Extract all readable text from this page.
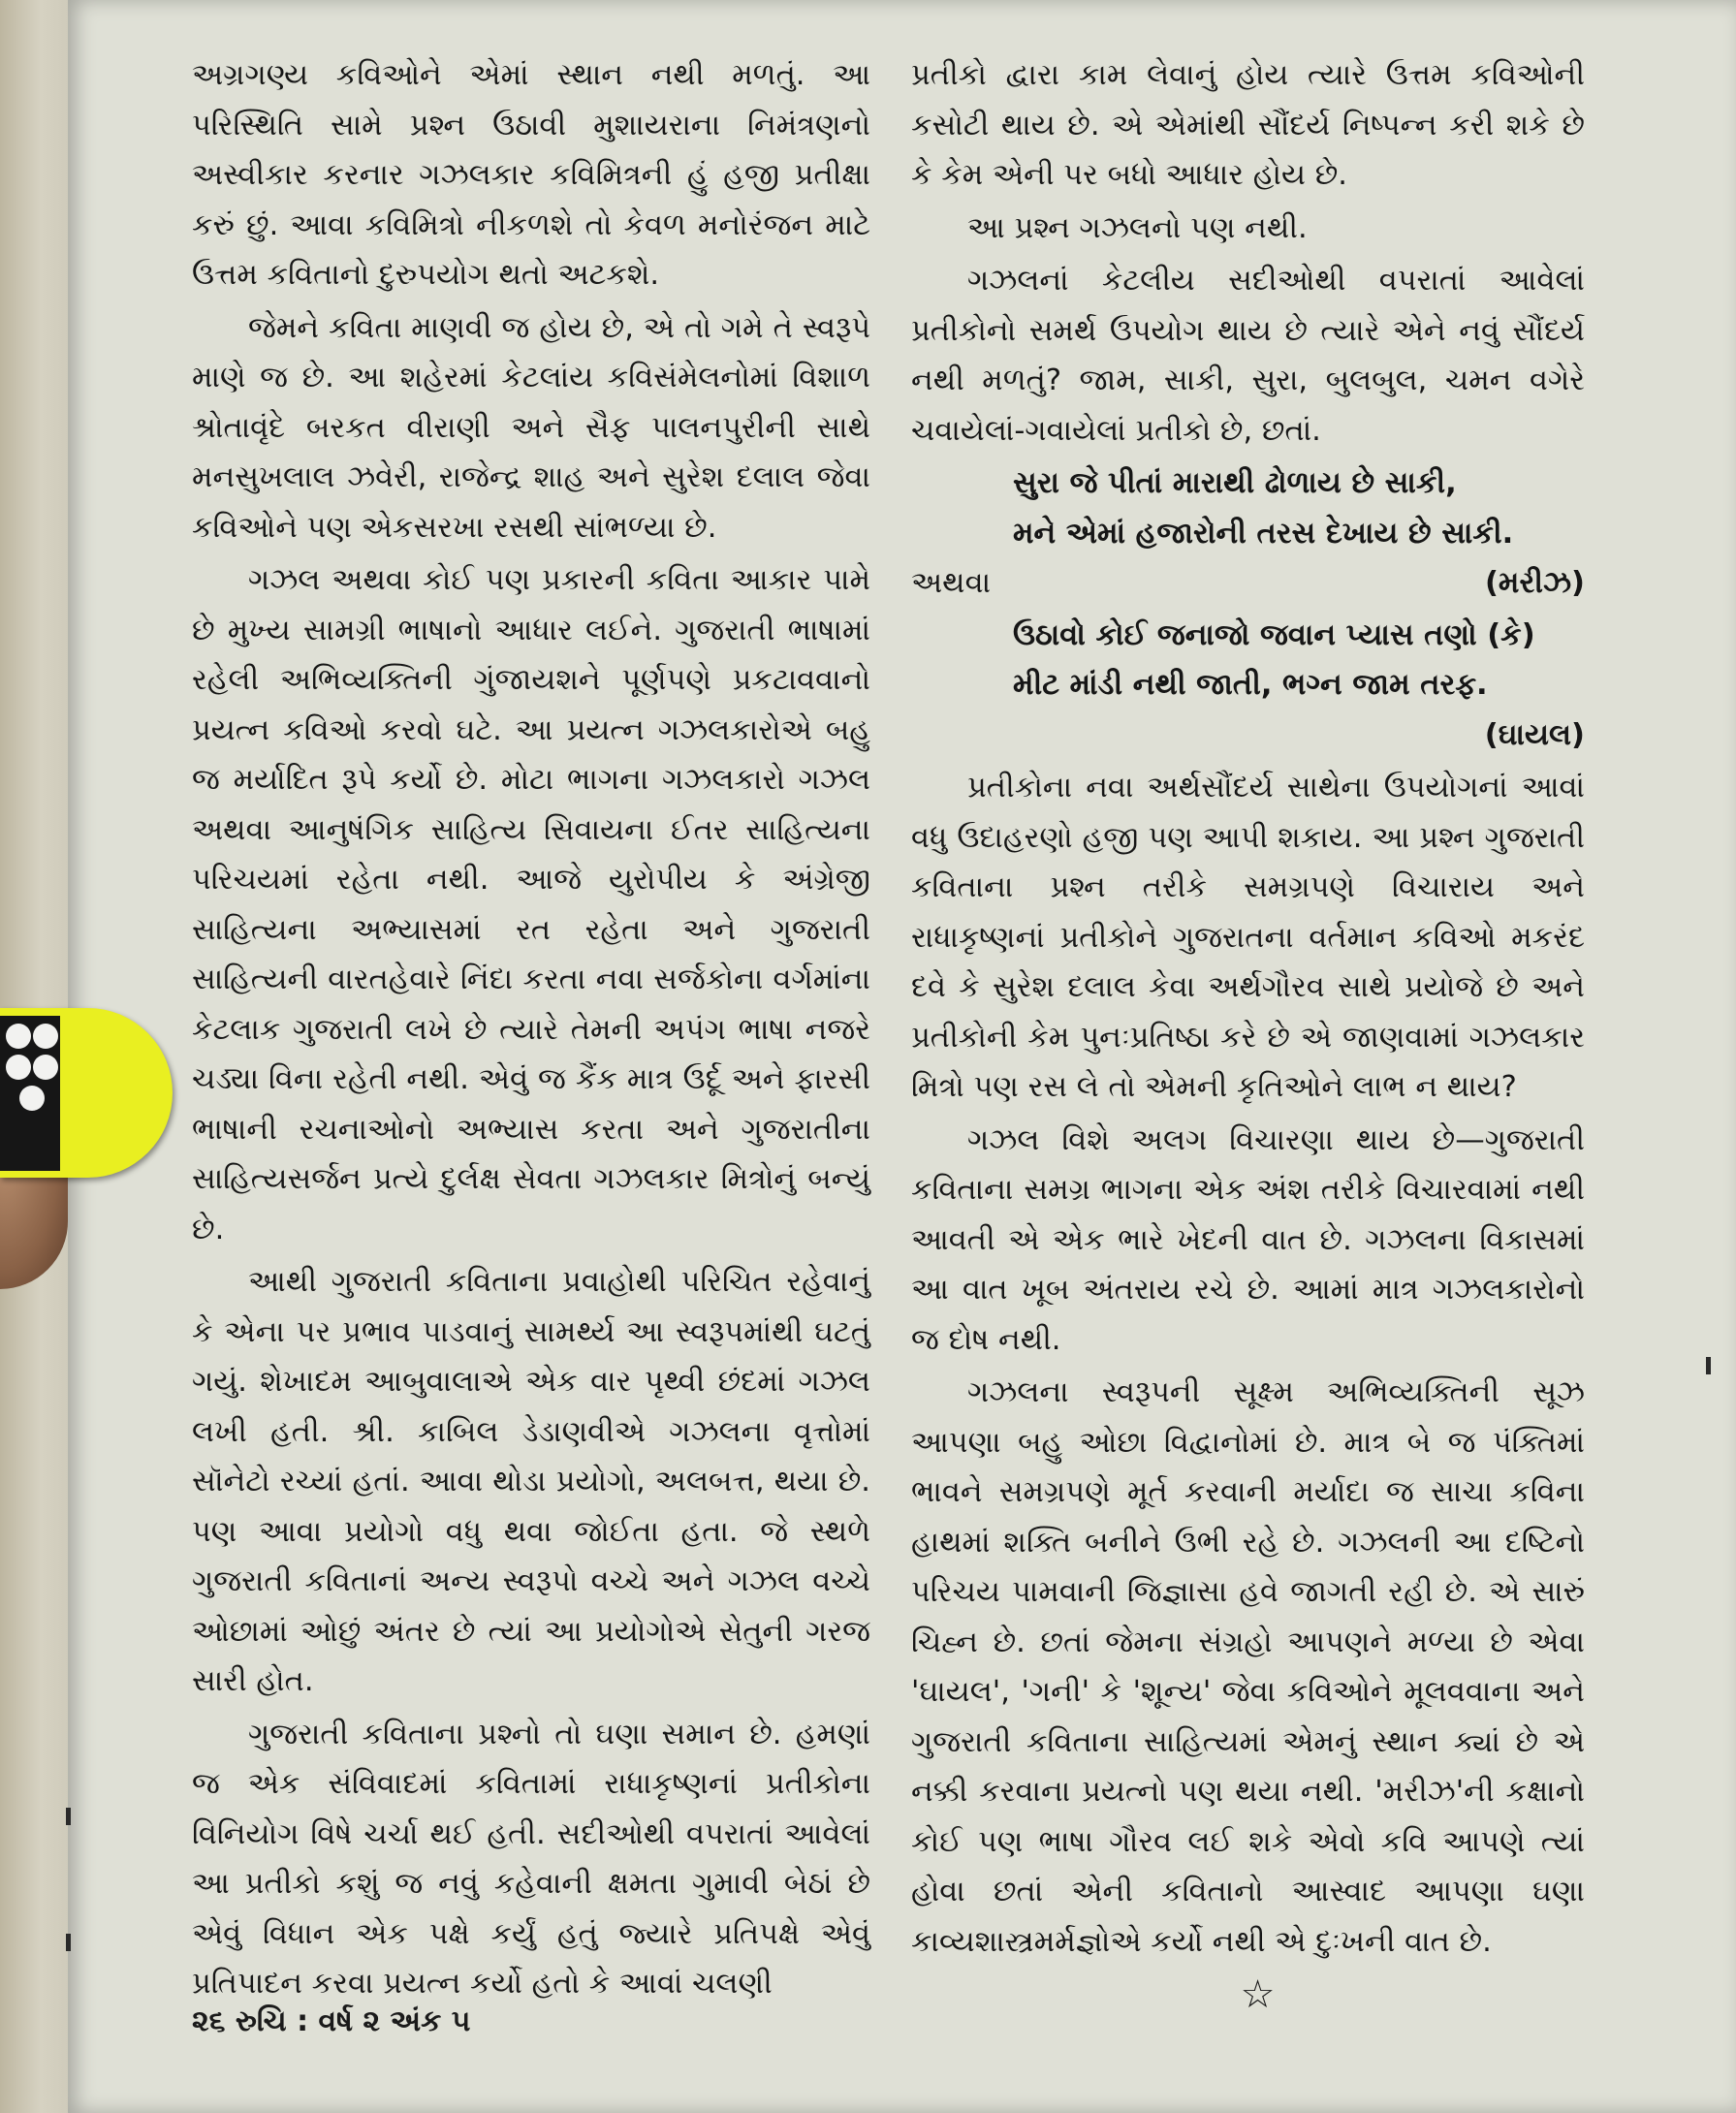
અગ્રગણ્ય કવિઓને એમાં સ્થાન નથી મળતું. આ પરિસ્થિતિ સામે પ્રશ્ન ઉઠાવી મુશાયરાના નિમંત્રણનો અસ્વીકાર કરનાર ગઝલકાર કવિમિત્રની હું હજી પ્રતીક્ષા કરું છું. આવા કવિમિત્રો નીકળશે તો કેવળ મનોરંજન માટે ઉત્તમ કવિતાનો દુરુપયોગ થતો અટકશે.

જેમને કવિતા માણવી જ હોય છે, એ તો ગમે તે સ્વરૂપે માણે જ છે. આ શહેરમાં કેટલાંય કવિસંમેલનોમાં વિશાળ શ્રોતાવૃંદે બરકત વીરાણી અને સૈફ પાલનપુરીની સાથે મનસુખલાલ ઝવેરી, રાજેન્દ્ર શાહ અને સુરેશ દલાલ જેવા કવિઓને પણ એકસરખા રસથી સાંભળ્યા છે.

ગઝલ અથવા કોઈ પણ પ્રકારની કવિતા આકાર પામે છે મુખ્ય સામગ્રી ભાષાનો આધાર લઈને. ગુજરાતી ભાષામાં રહેલી અભિવ્યક્તિની ગુંજાયશને પૂર્ણપણે પ્રકટાવવાનો પ્રયત્ન કવિઓ કરવો ઘટે. આ પ્રયત્ન ગઝલકારોએ બહુ જ મર્યાદિત રૂપે કર્યો છે. મોટા ભાગના ગઝલકારો ગઝલ અથવા આનુષંગિક સાહિત્ય સિવાયના ઈતર સાહિત્યના પરિચયમાં રહેતા નથી. આજે યુરોપીય કે અંગ્રેજી સાહિત્યના અભ્યાસમાં રત રહેતા અને ગુજરાતી સાહિત્યની વારતહેવારે નિંદા કરતા નવા સર્જકોના વર્ગમાંના કેટલાક ગુજરાતી લખે છે ત્યારે તેમની અપંગ ભાષા નજરે ચડ્યા વિના રહેતી નથી. એવું જ કૈંક માત્ર ઉર્દૂ અને ફારસી ભાષાની રચનાઓનો અભ્યાસ કરતા અને ગુજરાતીના સાહિત્યસર્જન પ્રત્યે દુર્લક્ષ સેવતા ગઝલકાર મિત્રોનું બન્યું છે.

આથી ગુજરાતી કવિતાના પ્રવાહોથી પરિચિત રહેવાનું કે એના પર પ્રભાવ પાડવાનું સામર્થ્ય આ સ્વરૂપમાંથી ઘટતું ગયું. શેખાદમ આબુવાલાએ એક વાર પૃથ્વી છંદમાં ગઝલ લખી હતી. શ્રી. કાબિલ ડેડાણવીએ ગઝલના વૃત્તોમાં સૉનેટો રચ્યાં હતાં. આવા થોડા પ્રયોગો, અલબત્ત, થયા છે. પણ આવા પ્રયોગો વધુ થવા જોઈતા હતા. જે સ્થળે ગુજરાતી કવિતાનાં અન્ય સ્વરૂપો વચ્ચે અને ગઝલ વચ્ચે ઓછામાં ઓછું અંતર છે ત્યાં આ પ્રયોગોએ સેતુની ગરજ સારી હોત.

ગુજરાતી કવિતાના પ્રશ્નો તો ઘણા સમાન છે. હમણાં જ એક સંવિવાદમાં કવિતામાં રાધાકૃષ્ણનાં પ્રતીકોના વિનિયોગ વિષે ચર્ચા થઈ હતી. સદીઓથી વપરાતાં આવેલાં આ પ્રતીકો કશું જ નવું કહેવાની ક્ષમતા ગુમાવી બેઠાં છે એવું વિધાન એક પક્ષે કર્યું હતું જ્યારે પ્રતિપક્ષે એવું પ્રતિપાદન કરવા પ્રયત્ન કર્યો હતો કે આવાં ચલણી

પ્રતીકો દ્વારા કામ લેવાનું હોય ત્યારે ઉત્તમ કવિઓની કસોટી થાય છે. એ એમાંથી સૌંદર્ય નિષ્પન્ન કરી શકે છે કે કેમ એની પર બધો આધાર હોય છે.

આ પ્રશ્ન ગઝલનો પણ નથી.

ગઝલનાં કેટલીય સદીઓથી વપરાતાં આવેલાં પ્રતીકોનો સમર્થ ઉપયોગ થાય છે ત્યારે એને નવું સૌંદર્ય નથી મળતું? જામ, સાકી, સુરા, બુલબુલ, ચમન વગેરે ચવાયેલાં-ગવાયેલાં પ્રતીકો છે, છતાં.

સુરા જે પીતાં મારાથી ઢોળાય છે સાકી,
મને એમાં હજારોની તરસ દેખાય છે સાકી.
અથવા	(મરીઝ)
ઉઠાવો કોઈ જનાજો જવાન પ્યાસ તણો (કે)
મીટ માંડી નથી જાતી, ભગ્ન જામ તરફ.

(ઘાયલ)

પ્રતીકોના નવા અર્થસૌંદર્ય સાથેના ઉપયોગનાં આવાં વધુ ઉદાહરણો હજી પણ આપી શકાય. આ પ્રશ્ન ગુજરાતી કવિતાના પ્રશ્ન તરીકે સમગ્રપણે વિચારાય અને રાધાકૃષ્ણનાં પ્રતીકોને ગુજરાતના વર્તમાન કવિઓ મકરંદ દવે કે સુરેશ દલાલ કેવા અર્થગૌરવ સાથે પ્રયોજે છે અને પ્રતીકોની કેમ પુનઃપ્રતિષ્ઠા કરે છે એ જાણવામાં ગઝલકાર મિત્રો પણ રસ લે તો એમની કૃતિઓને લાભ ન થાય?

ગઝલ વિશે અલગ વિચારણા થાય છે—ગુજરાતી કવિતાના સમગ્ર ભાગના એક અંશ તરીકે વિચારવામાં નથી આવતી એ એક ભારે ખેદની વાત છે. ગઝલના વિકાસમાં આ વાત ખૂબ અંતરાય રચે છે. આમાં માત્ર ગઝલકારોનો જ દોષ નથી.

ગઝલના સ્વરૂપની સૂક્ષ્મ અભિવ્યક્તિની સૂઝ આપણા બહુ ઓછા વિદ્વાનોમાં છે. માત્ર બે જ પંક્તિમાં ભાવને સમગ્રપણે મૂર્ત કરવાની મર્યાદા જ સાચા કવિના હાથમાં શક્તિ બનીને ઉભી રહે છે. ગઝલની આ દષ્ટિનો પરિચય પામવાની જિજ્ઞાસા હવે જાગતી રહી છે. એ સારું ચિહ્ન છે. છતાં જેમના સંગ્રહો આપણને મળ્યા છે એવા 'ઘાયલ', 'ગની' કે 'શૂન્ય' જેવા કવિઓને મૂલવવાના અને ગુજરાતી કવિતાના સાહિત્યમાં એમનું સ્થાન ક્યાં છે એ નક્કી કરવાના પ્રયત્નો પણ થયા નથી. 'મરીઝ'ની કક્ષાનો કોઈ પણ ભાષા ગૌરવ લઈ શકે એવો કવિ આપણે ત્યાં હોવા છતાં એની કવિતાનો આસ્વાદ આપણા ઘણા કાવ્યશાસ્ત્રમર્મજ્ઞોએ કર્યો નથી એ દુઃખની વાત છે.

☆
૨૬ રુચિ : વર્ષ ૨ અંક ૫
